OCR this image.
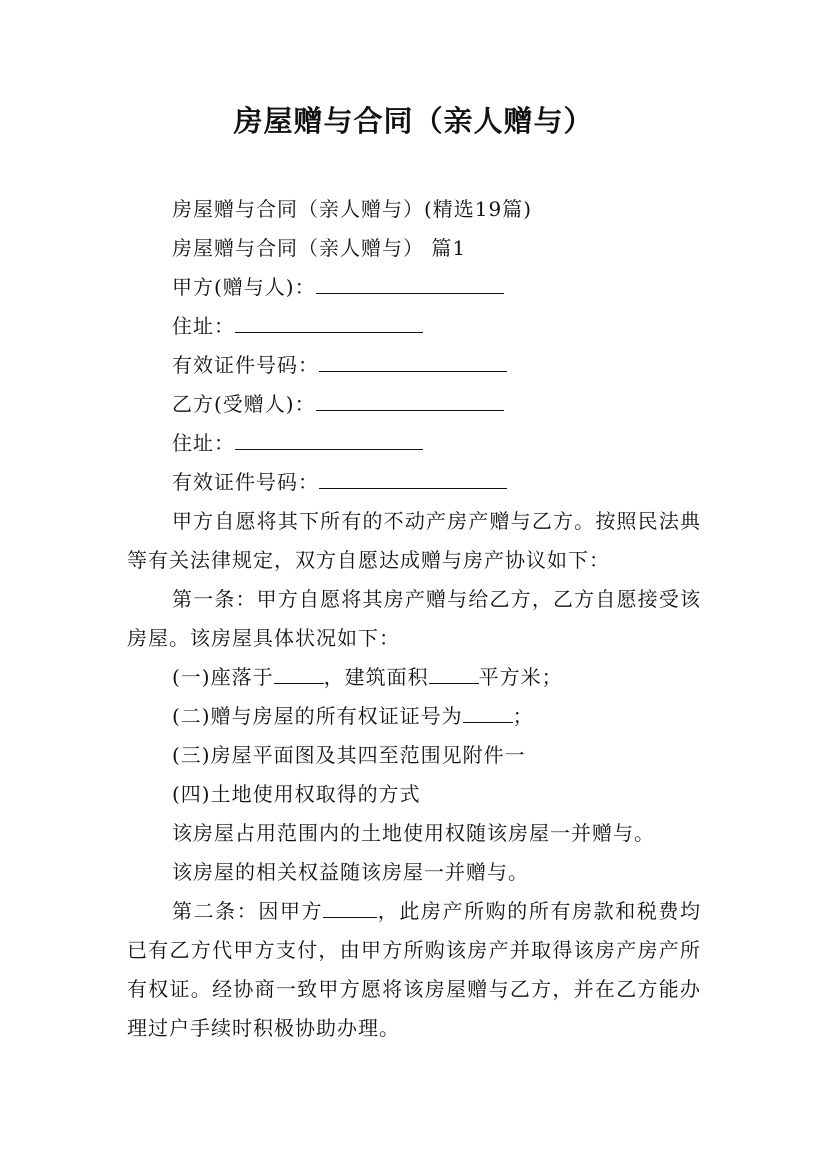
房屋赠与合同（亲人赠与）

房屋赠与合同（亲人赠与）(精选19篇)

房屋赠与合同（亲人赠与） 篇1

甲方(赠与人)：

住址：

有效证件号码：

乙方(受赠人)：

住址：

有效证件号码：

甲方自愿将其下所有的不动产房产赠与乙方。按照民法典等有关法律规定，双方自愿达成赠与房产协议如下：

第一条：甲方自愿将其房产赠与给乙方，乙方自愿接受该房屋。该房屋具体状况如下：

(一)座落于	，建筑面积	平方米；

(二)赠与房屋的所有权证证号为	；

(三)房屋平面图及其四至范围见附件一

(四)土地使用权取得的方式

该房屋占用范围内的土地使用权随该房屋一并赠与。

该房屋的相关权益随该房屋一并赠与。

第二条：因甲方	，此房产所购的所有房款和税费均已有乙方代甲方支付，由甲方所购该房产并取得该房产房产所有权证。经协商一致甲方愿将该房屋赠与乙方，并在乙方能办理过户手续时积极协助办理。
